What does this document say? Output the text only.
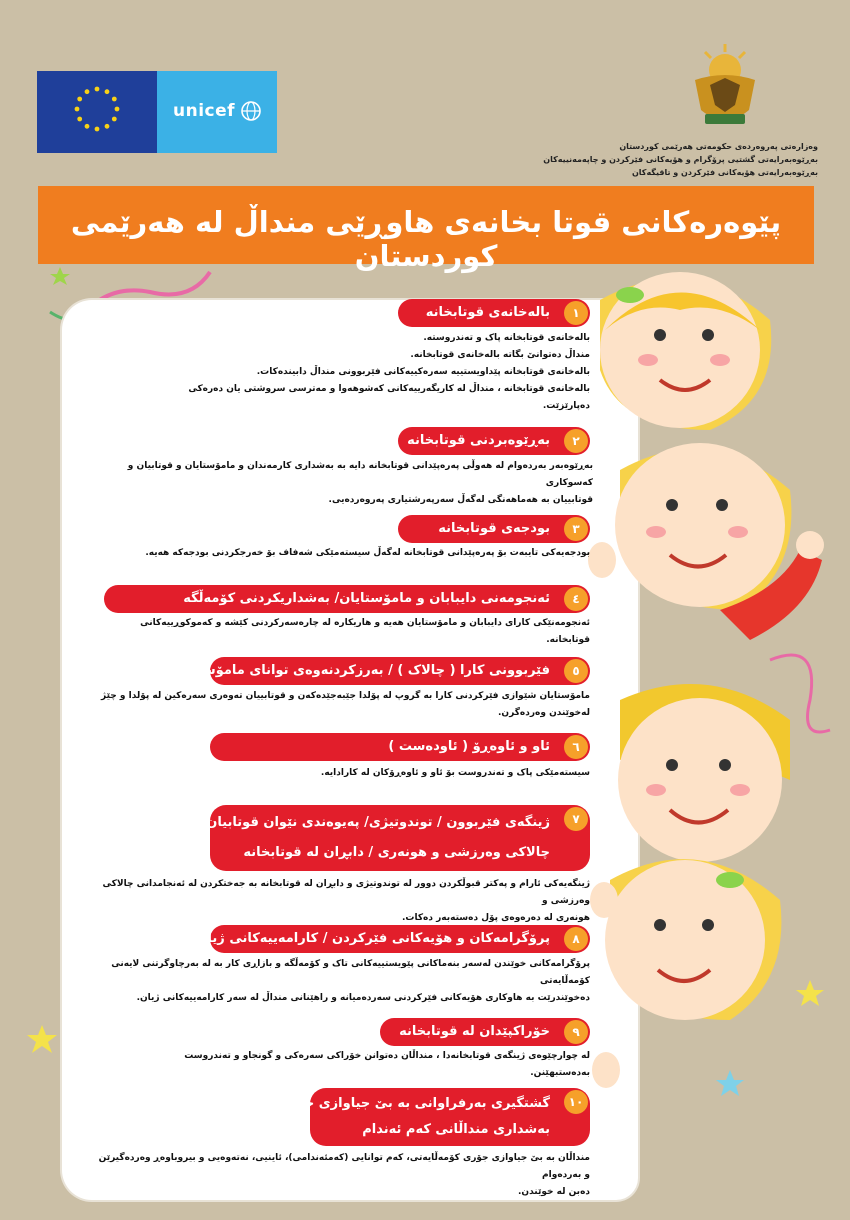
unicef
وەزارەتی پەروەردەی حکومەتی هەرێمی کوردستان
بەڕێوەبەرایەتی گشتیی پرۆگرام و هۆیەکانی فێرکردن و چاپەمەنییەکان
بەڕێوەبەرایەتی هۆیەکانی فێرکردن و تاقیگەکان
پێوەرەکانی قوتا بخانەی هاوڕێی منداڵ لە هەرێمی کوردستان
١
بالەخانەی قوتابخانە
بالەخانەی قوتابخانە پاک و تەندروستە.
منداڵ دەتوانێ بگاتە بالەخانەی قوتابخانە.
بالەخانەی قوتابخانە پێداویستییە سەرەکییەکانی فێربوونی منداڵ دابیندەکات.
بالەخانەی قوتابخانە ، منداڵ لە کاریگەرییەکانی کەشوهەوا و مەترسی سروشتی یان دەرەکی دەپارێزێت.
٢
بەڕێوەبردنی قوتابخانە
بەڕێوەبەر بەردەوام لە هەوڵی پەرەپێدانی قوتابخانە دایە بە بەشداری کارمەندان و مامۆستایان و قوتابیان و کەسوکاری
قوتابییان بە هەماهەنگی لەگەڵ سەرپەرشتیاری پەروەردەیی.
٣
بودجەی قوتابخانە
بودجەیەکی تایبەت بۆ پەرەپێدانی قوتابخانە لەگەڵ سیستەمێکی شەفاف بۆ خەرجکردنی بودجەکە هەیە.
٤
ئەنجومەنی دایبابان و مامۆستایان/ بەشداریکردنی کۆمەڵگە
ئەنجومەنێکی کارای دایبابان و مامۆستایان هەیە و هاریکارە لە چارەسەرکردنی کێشە و کەموکوڕییەکانی قوتابخانە.
٥
فێربوونی کارا ( چالاک ) / بەرزکردنەوەی توانای مامۆستایان
مامۆستایان شێوازی فێرکردنی کارا بە گروپ لە پۆلدا جێبەجێدەکەن و قوتابییان تەوەری سەرەکین لە پۆلدا و چێژ لەخوێندن وەردەگرن.
٦
ئاو و ئاوەڕۆ ( ئاودەست )
سیستەمێکی پاک و تەندروست بۆ ئاو و ئاوەڕۆکان لە کارادایە.
٧
ژینگەی فێربوون / توندوتیژی/ پەیوەندی نێوان قوتابیان/
چالاکی وەرزشی و هونەری / دابڕان لە قوتابخانە
ژینگەیەکی ئارام و پەکتر قبوڵکردن دوور لە توندوتیژی و دابڕان لە قوتابخانە بە جەختکردن لە ئەنجامدانی چالاکی وەرزشی و
هونەری لە دەرەوەی پۆل دەستەبەر دەکات.
٨
پرۆگرامەکان و هۆیەکانی فێرکردن / کارامەییەکانی ژیان
پرۆگرامەکانی خوێندن لەسەر بنەماکانی پێویستییەکانی تاک و کۆمەڵگە و بازاڕی کار بە لە بەرچاوگرتنی لایەنی کۆمەڵایەتی
دەخوێندرێت بە هاوکاری هۆیەکانی فێرکردنی سەردەمیانە و راهێنانی منداڵ لە سەر کارامەییەکانی ژیان.
٩
خۆراکپێدان لە قوتابخانە
لە چوارچێوەی ژینگەی قوتابخانەدا ، منداڵان دەتوانن خۆراکی سەرەکی و گونجاو و تەندروست بەدەستبهێنن.
١٠
گشتگیری بەرفراوانی بە بێ جیاوازی جەندەری/
بەشداری منداڵانی کەم ئەندام
منداڵان بە بێ جیاوازی جۆری کۆمەڵایەتی، کەم توانایی (کەمئەندامی)، ئاینیی، نەتەوەیی و بیروباوەڕ وەردەگیرێن و بەردەوام
دەبن لە خوێندن.
